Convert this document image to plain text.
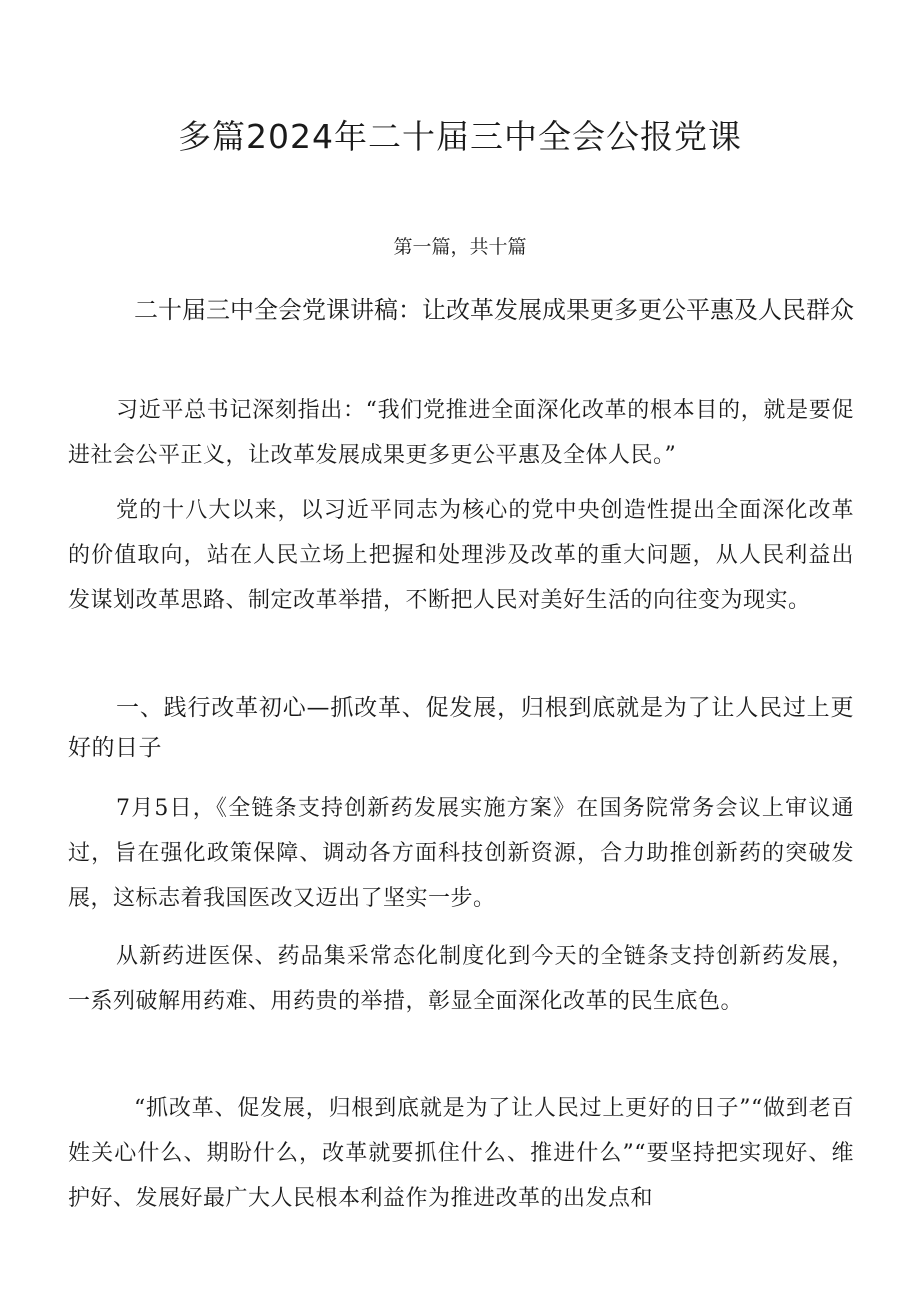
多篇2024年二十届三中全会公报党课
第一篇，共十篇
二十届三中全会党课讲稿：让改革发展成果更多更公平惠及人民群众

习近平总书记深刻指出：“我们党推进全面深化改革的根本目的，就是要促进社会公平正义，让改革发展成果更多更公平惠及全体人民。”

党的十八大以来，以习近平同志为核心的党中央创造性提出全面深化改革的价值取向，站在人民立场上把握和处理涉及改革的重大问题，从人民利益出发谋划改革思路、制定改革举措，不断把人民对美好生活的向往变为现实。

一、践行改革初心—抓改革、促发展，归根到底就是为了让人民过上更好的日子

7月5日，《全链条支持创新药发展实施方案》在国务院常务会议上审议通过，旨在强化政策保障、调动各方面科技创新资源，合力助推创新药的突破发展，这标志着我国医改又迈出了坚实一步。

从新药进医保、药品集采常态化制度化到今天的全链条支持创新药发展，一系列破解用药难、用药贵的举措，彰显全面深化改革的民生底色。

“抓改革、促发展，归根到底就是为了让人民过上更好的日子”“做到老百姓关心什么、期盼什么，改革就要抓住什么、推进什么”“要坚持把实现好、维护好、发展好最广大人民根本利益作为推进改革的出发点和
